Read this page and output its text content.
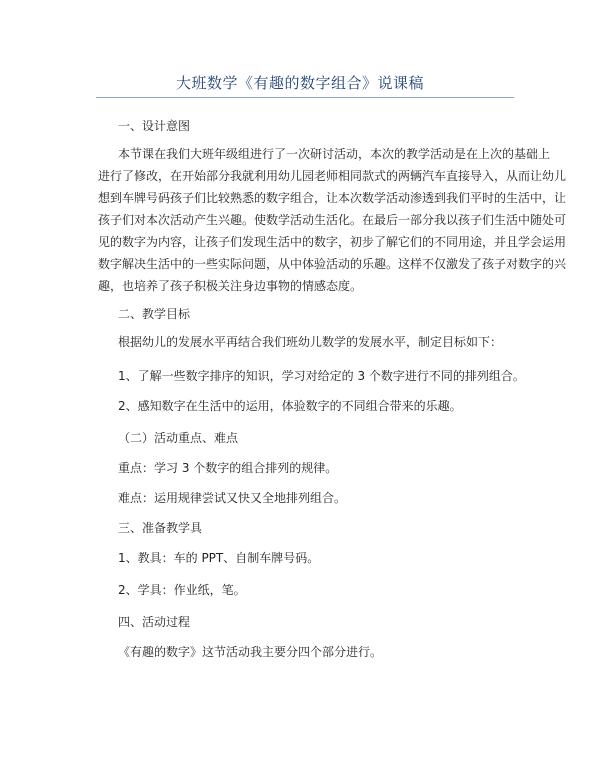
大班数学《有趣的数字组合》说课稿
一、设计意图
本节课在我们大班年级组进行了一次研讨活动，本次的教学活动是在上次的基础上
进行了修改，在开始部分我就利用幼儿园老师相同款式的两辆汽车直接导入，从而让幼儿
想到车牌号码孩子们比较熟悉的数字组合，让本次数学活动渗透到我们平时的生活中，让
孩子们对本次活动产生兴趣。使数学活动生活化。在最后一部分我以孩子们生活中随处可
见的数字为内容，让孩子们发现生活中的数字，初步了解它们的不同用途，并且学会运用
数字解决生活中的一些实际问题，从中体验活动的乐趣。这样不仅激发了孩子对数字的兴
趣，也培养了孩子积极关注身边事物的情感态度。
二、教学目标
根据幼儿的发展水平再结合我们班幼儿数学的发展水平，制定目标如下：
1、了解一些数字排序的知识，学习对给定的 3 个数字进行不同的排列组合。
2、感知数字在生活中的运用，体验数字的不同组合带来的乐趣。
（二）活动重点、难点
重点：学习 3 个数字的组合排列的规律。
难点：运用规律尝试又快又全地排列组合。
三、准备教学具
1、教具：车的 PPT、自制车牌号码。
2、学具：作业纸，笔。
四、活动过程
《有趣的数字》这节活动我主要分四个部分进行。
